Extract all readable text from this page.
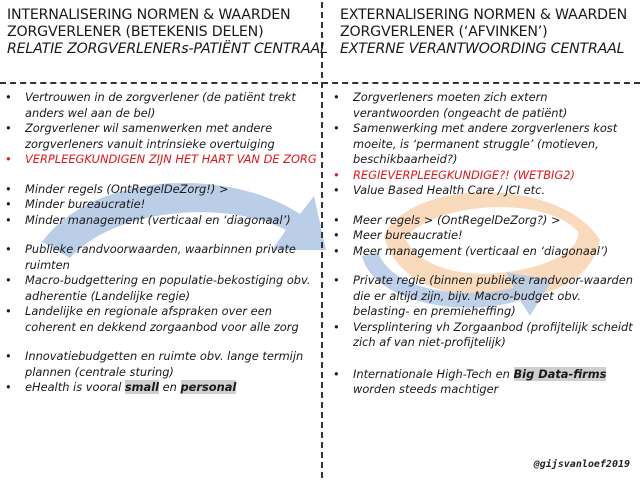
INTERNALISERING NORMEN & WAARDEN
ZORGVERLENER (BETEKENIS DELEN)
RELATIE ZORGVERLENERs-PATIËNT CENTRAAL
EXTERNALISERING NORMEN & WAARDEN
ZORGVERLENER (‘AFVINKEN’)
EXTERNE VERANTWOORDING CENTRAAL
• Vertrouwen in de zorgverlener (de patiënt trekt anders wel aan de bel)
• Zorgverlener wil samenwerken met andere zorgverleners vanuit intrinsieke overtuiging
• VERPLEEGKUNDIGEN ZIJN HET HART VAN DE ZORG
• Minder regels (OntRegelDeZorg!) >
• Minder bureaucratie!
• Minder management (verticaal en ‘diagonaal’)
• Publieke randvoorwaarden, waarbinnen private ruimten
• Macro-budgettering en populatie-bekostiging obv. adherentie (Landelijke regie)
• Landelijke en regionale afspraken over een coherent en dekkend zorgaanbod voor alle zorg
• Innovatiebudgetten en ruimte obv. lange termijn plannen (centrale sturing)
• eHealth is vooral small en personal
• Zorgverleners moeten zich extern verantwoorden (ongeacht de patiënt)
• Samenwerking met andere zorgverleners kost moeite, is ‘permanent struggle’ (motieven, beschikbaarheid?)
• REGIEVERPLEEGKUNDIGE?! (WETBIG2)
• Value Based Health Care / JCI etc.
• Meer regels > (OntRegelDeZorg?) >
• Meer bureaucratie!
• Meer management (verticaal en ‘diagonaal’)
• Private regie (binnen publieke randvoor-waarden die er altijd zijn, bijv. Macro-budget obv. belasting- en premieheffing)
• Versplintering vh Zorgaanbod (profijtelijk scheidt zich af van niet-profijtelijk)
• Internationale High-Tech en Big Data-firms worden steeds machtiger
@gijsvanloef2019
